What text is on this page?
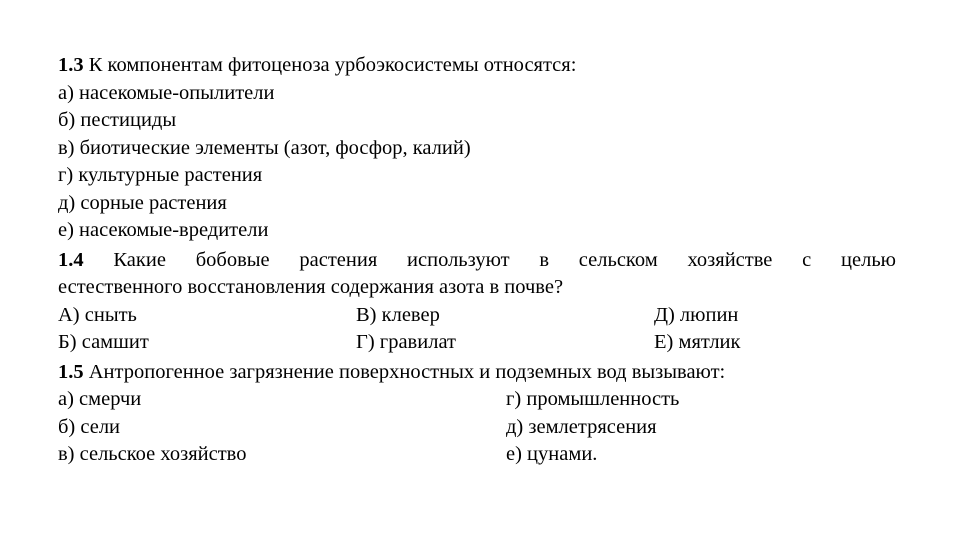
1.3 К компонентам фитоценоза урбоэкосистемы относятся:
а) насекомые-опылители
б) пестициды
в) биотические элементы (азот, фосфор, калий)
г) культурные растения
д) сорные растения
е) насекомые-вредители
1.4 Какие бобовые растения используют в сельском хозяйстве с целью
естественного восстановления содержания азота в почве?
А) сныть	В) клевер	Д) люпин
Б) самшит	Г) гравилат	Е) мятлик
1.5 Антропогенное загрязнение поверхностных и подземных вод вызывают:
а) смерчи	г) промышленность
б) сели	д) землетрясения
в) сельское хозяйство	е) цунами.
